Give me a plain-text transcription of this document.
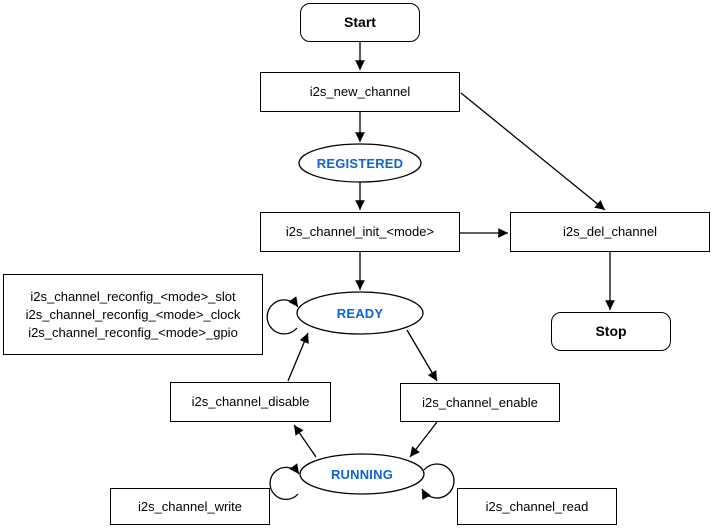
Start
i2s_new_channel
i2s_channel_init_<mode>	i2s_del_channel
Stop
i2s_channel_reconfig_<mode>_slot
i2s_channel_reconfig_<mode>_clock
i2s_channel_reconfig_<mode>_gpio
i2s_channel_disable	i2s_channel_enable
i2s_channel_write	i2s_channel_read
REGISTERED
READY
RUNNING
